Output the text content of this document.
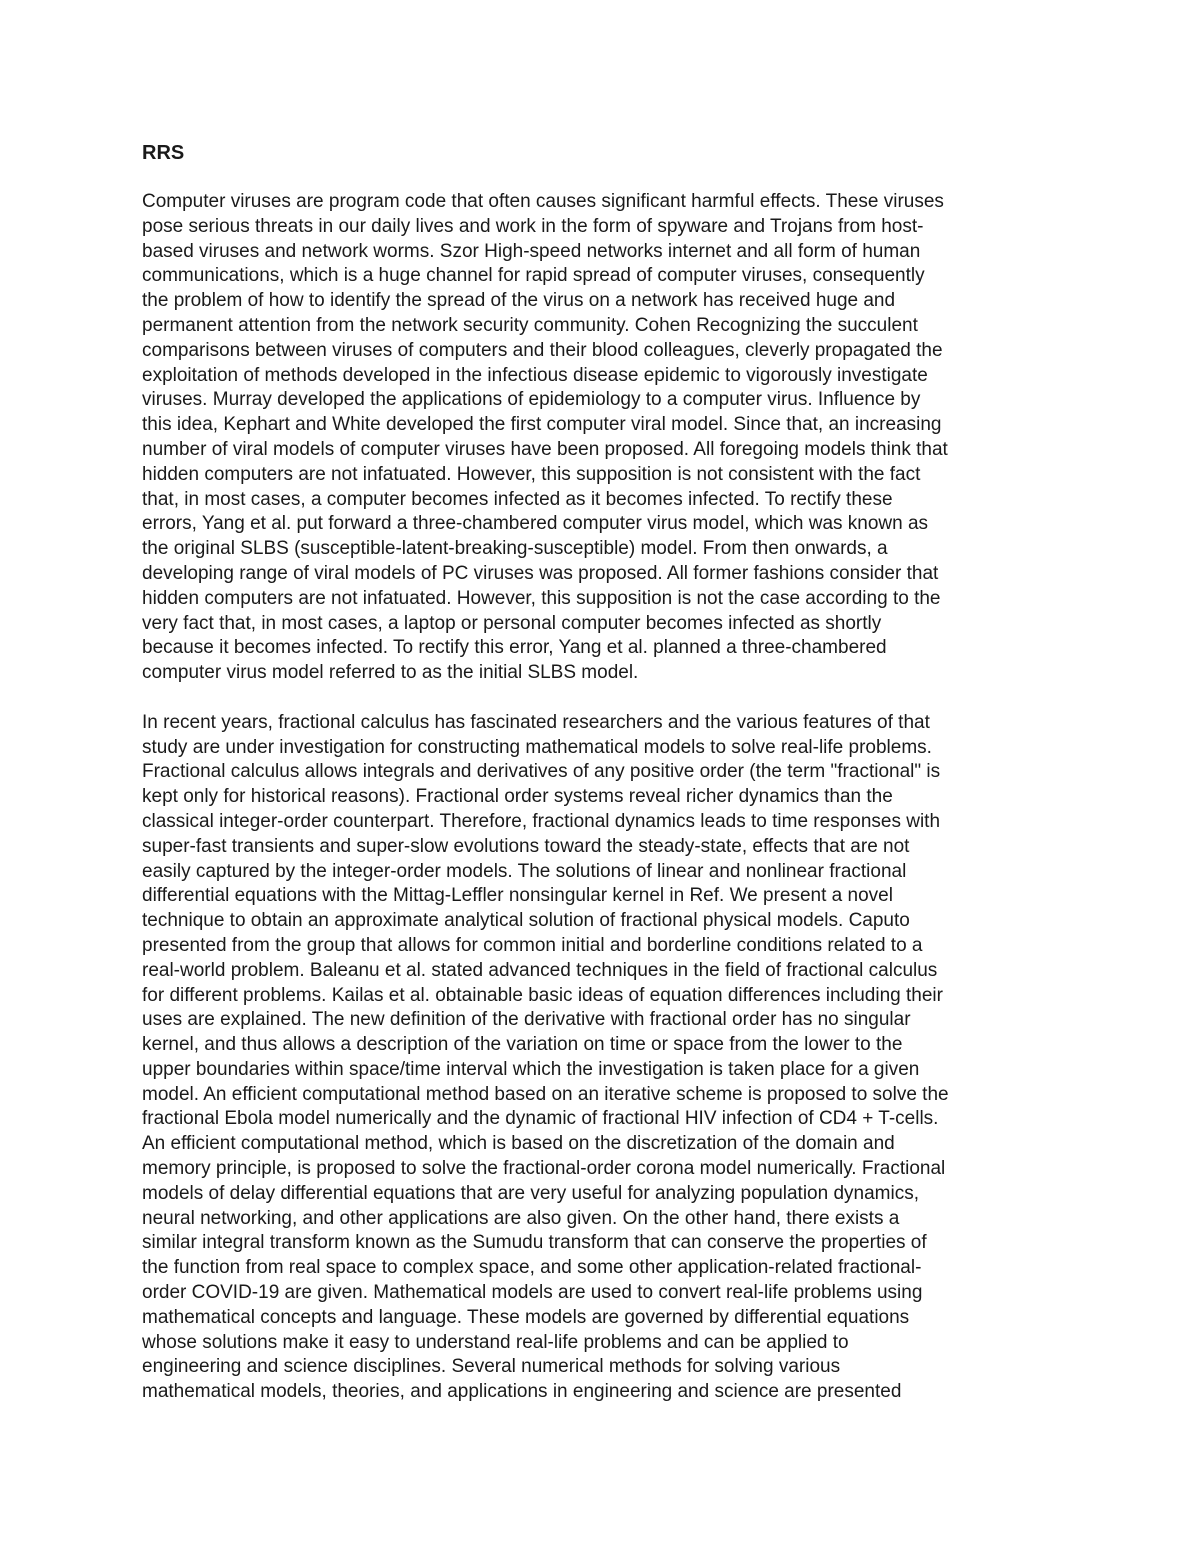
RRS

Computer viruses are program code that often causes significant harmful effects. These viruses
pose serious threats in our daily lives and work in the form of spyware and Trojans from host-
based viruses and network worms. Szor High-speed networks internet and all form of human
communications, which is a huge channel for rapid spread of computer viruses, consequently
the problem of how to identify the spread of the virus on a network has received huge and
permanent attention from the network security community. Cohen Recognizing the succulent
comparisons between viruses of computers and their blood colleagues, cleverly propagated the
exploitation of methods developed in the infectious disease epidemic to vigorously investigate
viruses. Murray developed the applications of epidemiology to a computer virus. Influence by
this idea, Kephart and White developed the first computer viral model. Since that, an increasing
number of viral models of computer viruses have been proposed. All foregoing models think that
hidden computers are not infatuated. However, this supposition is not consistent with the fact
that, in most cases, a computer becomes infected as it becomes infected. To rectify these
errors, Yang et al. put forward a three-chambered computer virus model, which was known as
the original SLBS (susceptible-latent-breaking-susceptible) model. From then onwards, a
developing range of viral models of PC viruses was proposed. All former fashions consider that
hidden computers are not infatuated. However, this supposition is not the case according to the
very fact that, in most cases, a laptop or personal computer becomes infected as shortly
because it becomes infected. To rectify this error, Yang et al. planned a three-chambered
computer virus model referred to as the initial SLBS model.

In recent years, fractional calculus has fascinated researchers and the various features of that
study are under investigation for constructing mathematical models to solve real-life problems.
Fractional calculus allows integrals and derivatives of any positive order (the term "fractional" is
kept only for historical reasons). Fractional order systems reveal richer dynamics than the
classical integer-order counterpart. Therefore, fractional dynamics leads to time responses with
super-fast transients and super-slow evolutions toward the steady-state, effects that are not
easily captured by the integer-order models. The solutions of linear and nonlinear fractional
differential equations with the Mittag-Leffler nonsingular kernel in Ref. We present a novel
technique to obtain an approximate analytical solution of fractional physical models. Caputo
presented from the group that allows for common initial and borderline conditions related to a
real-world problem. Baleanu et al. stated advanced techniques in the field of fractional calculus
for different problems. Kailas et al. obtainable basic ideas of equation differences including their
uses are explained. The new definition of the derivative with fractional order has no singular
kernel, and thus allows a description of the variation on time or space from the lower to the
upper boundaries within space/time interval which the investigation is taken place for a given
model. An efficient computational method based on an iterative scheme is proposed to solve the
fractional Ebola model numerically and the dynamic of fractional HIV infection of CD4 + T-cells.
An efficient computational method, which is based on the discretization of the domain and
memory principle, is proposed to solve the fractional-order corona model numerically. Fractional
models of delay differential equations that are very useful for analyzing population dynamics,
neural networking, and other applications are also given. On the other hand, there exists a
similar integral transform known as the Sumudu transform that can conserve the properties of
the function from real space to complex space, and some other application-related fractional-
order COVID-19 are given. Mathematical models are used to convert real-life problems using
mathematical concepts and language. These models are governed by differential equations
whose solutions make it easy to understand real-life problems and can be applied to
engineering and science disciplines. Several numerical methods for solving various
mathematical models, theories, and applications in engineering and science are presented
